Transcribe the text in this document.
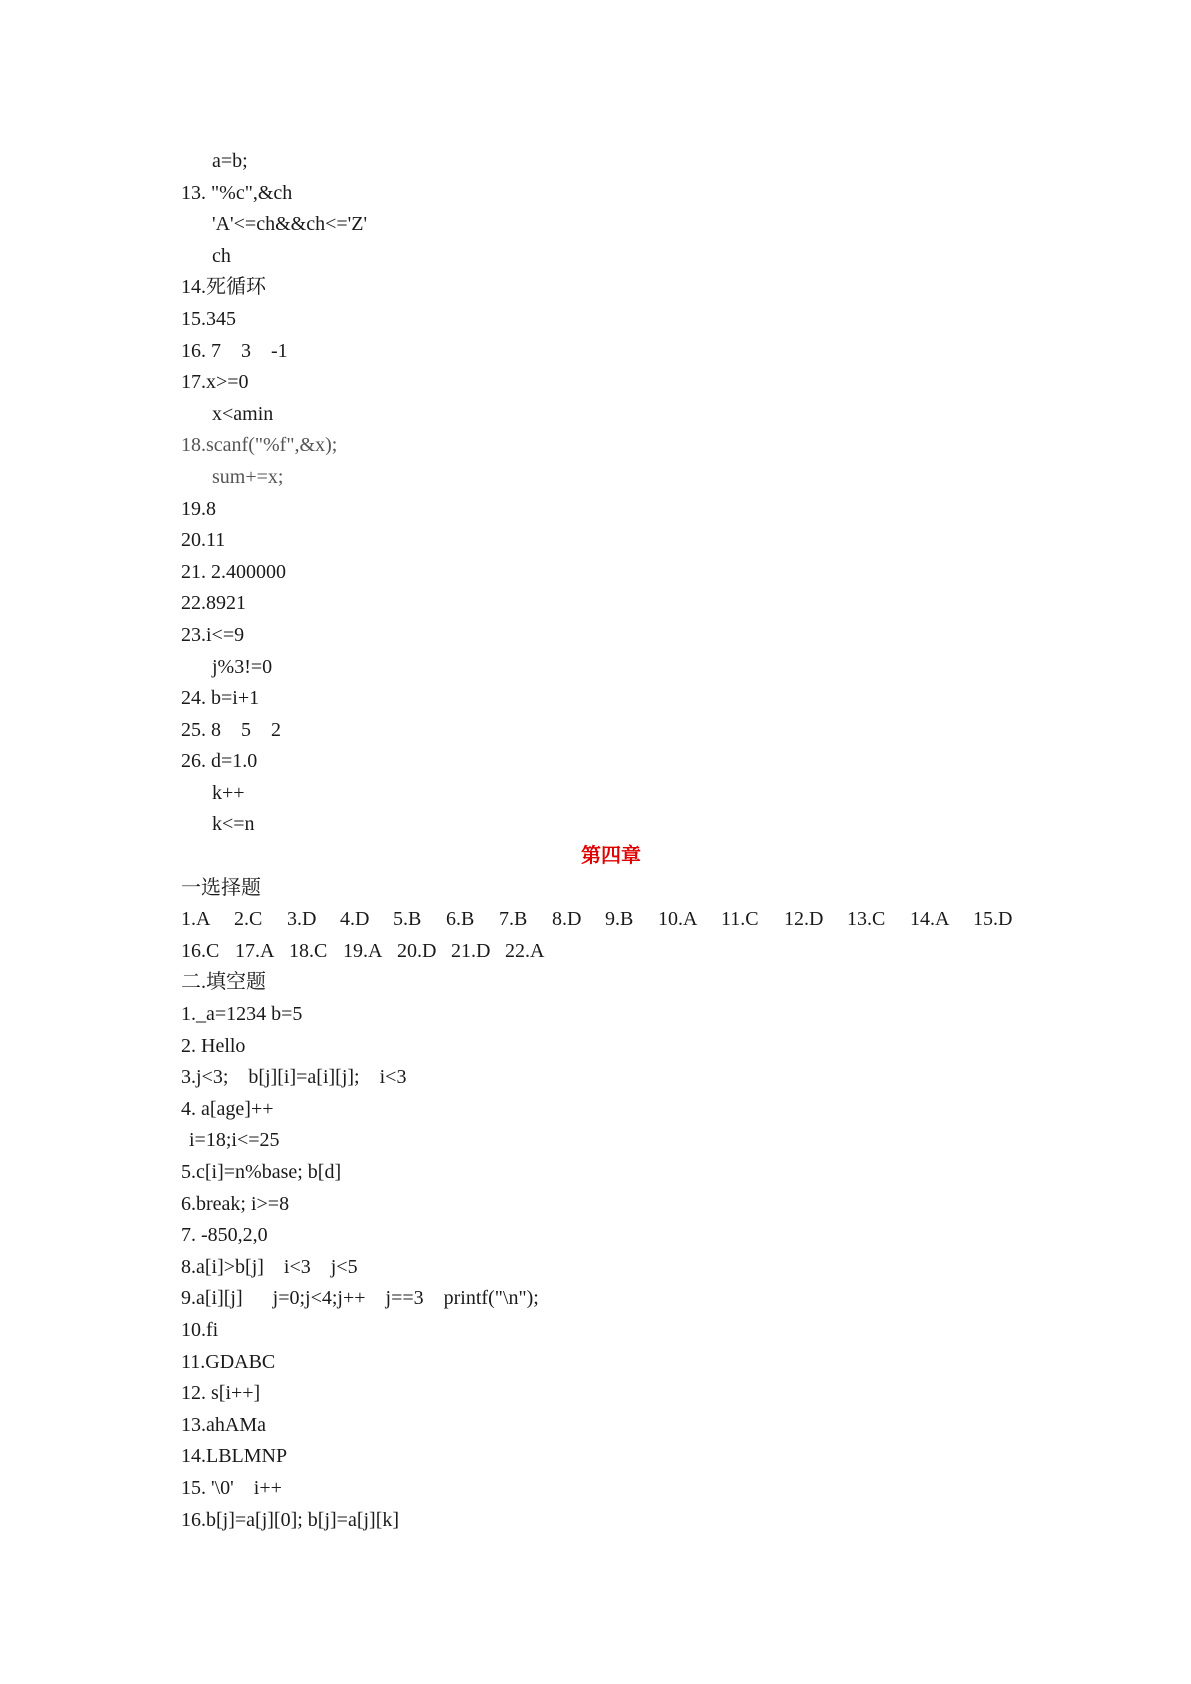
a=b;
13. "%c",&ch
'A'<=ch&&ch<='Z'
ch
14.死循环
15.345
16. 7    3    -1
17.x>=0
x<amin
18.scanf("%f",&x);
sum+=x;
19.8
20.11
21. 2.400000
22.8921
23.i<=9
j%3!=0
24. b=i+1
25. 8    5    2
26. d=1.0
k++
k<=n
第四章
一选择题
1.A	2.C	3.D	4.D	5.B	6.B	7.B	8.D	9.B	10.A	11.C	12.D	13.C	14.A	15.D
16.C 17.A 18.C 19.A 20.D 21.D 22.A
二.填空题
1._a=1234 b=5
2. Hello
3.j<3;    b[j][i]=a[i][j];    i<3
4. a[age]++
i=18;i<=25
5.c[i]=n%base; b[d]
6.break; i>=8
7. -850,2,0
8.a[i]>b[j]    i<3    j<5
9.a[i][j]      j=0;j<4;j++    j==3    printf("\n");
10.fi
11.GDABC
12. s[i++]
13.ahAMa
14.LBLMNP
15. '\0'    i++
16.b[j]=a[j][0]; b[j]=a[j][k]
